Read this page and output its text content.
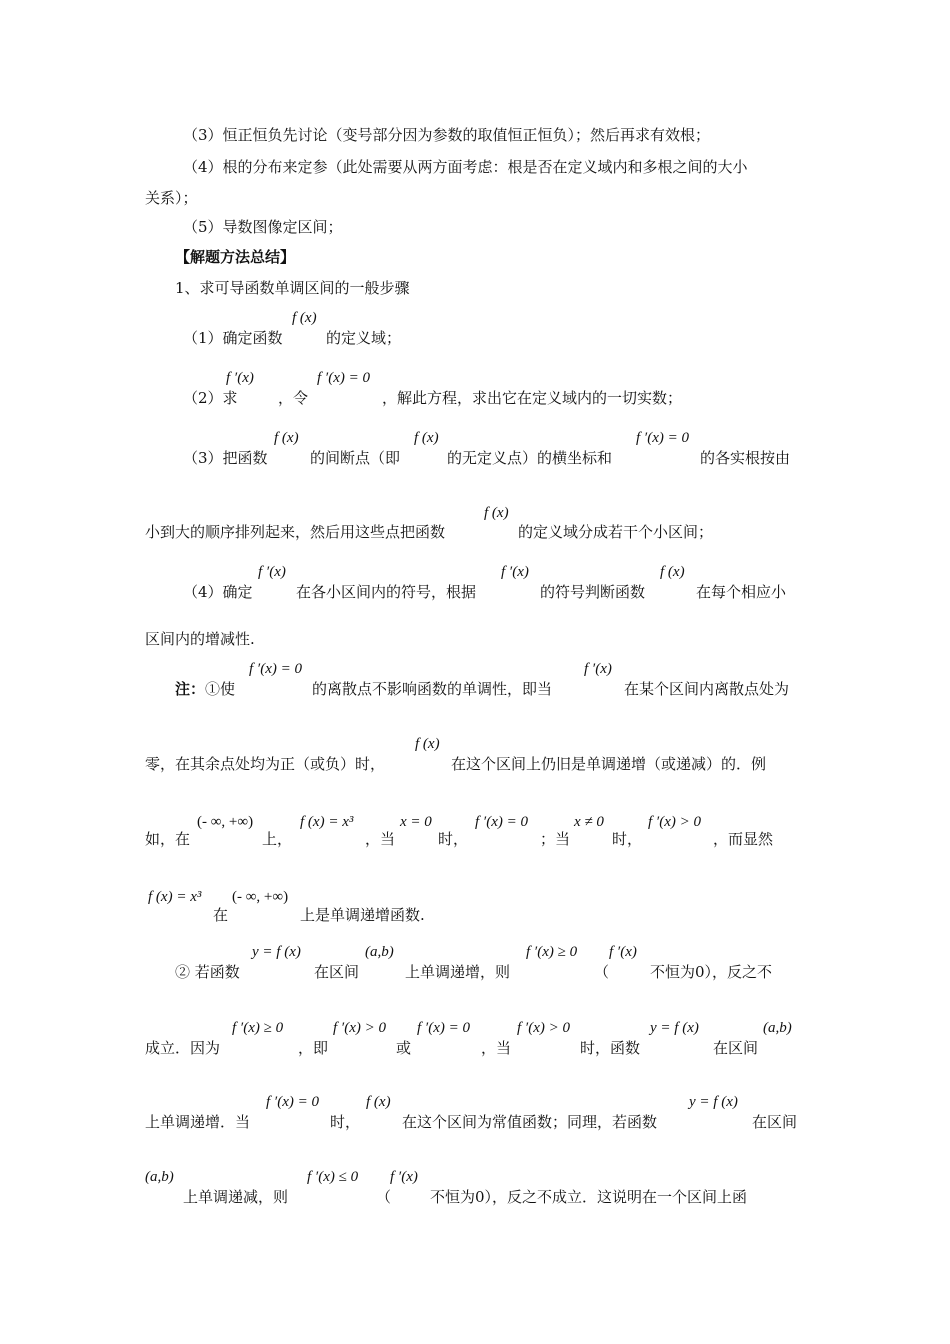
（3）恒正恒负先讨论（变号部分因为参数的取值恒正恒负）；然后再求有效根；
（4）根的分布来定参（此处需要从两方面考虑：根是否在定义域内和多根之间的大小
关系）；
（5）导数图像定区间；
【解题方法总结】
1、求可导函数单调区间的一般步骤
（1）确定函数
f (x)
的定义域；
（2）求
f ′(x)
，令
f ′(x) = 0
，解此方程，求出它在定义域内的一切实数；
（3）把函数
f (x)
的间断点（即
f (x)
的无定义点）的横坐标和
f ′(x) = 0
的各实根按由
f (x)
小到大的顺序排列起来，然后用这些点把函数	的定义域分成若干个小区间；
（4）确定
f ′(x)
在各小区间内的符号，根据
f ′(x)
的符号判断函数
f (x)
在每个相应小
区间内的增减性.
注： ①使
f ′(x) = 0
的离散点不影响函数的单调性，即当
f ′(x)
在某个区间内离散点处为
零，在其余点处均为正（或负）时，
f (x)
在这个区间上仍旧是单调递增（或递减）的．例
如，在
(- ∞, +∞)
上，
f (x) = x³
，当
x = 0
时，
f ′(x) = 0
；当
x ≠ 0
时，
f ′(x) > 0
，而显然
f (x) = x³ (- ∞, +∞)
在	上是单调递增函数.
② 若函数
y = f (x)
在区间
(a,b)
上单调递增，则
f ′(x) ≥ 0
（
f ′(x)
不恒为0），反之不
成立．因为
f ′(x) ≥ 0
，即
f ′(x) > 0
或
f ′(x) = 0
，当
f ′(x) > 0
时，函数
y = f (x)
在区间
(a,b)
上单调递增．当
f ′(x) = 0
时，
f (x)
在这个区间为常值函数；同理，若函数
y = f (x)
在区间
(a,b)
上单调递减，则
f ′(x) ≤ 0
（
f ′(x)
不恒为0），反之不成立．这说明在一个区间上函
